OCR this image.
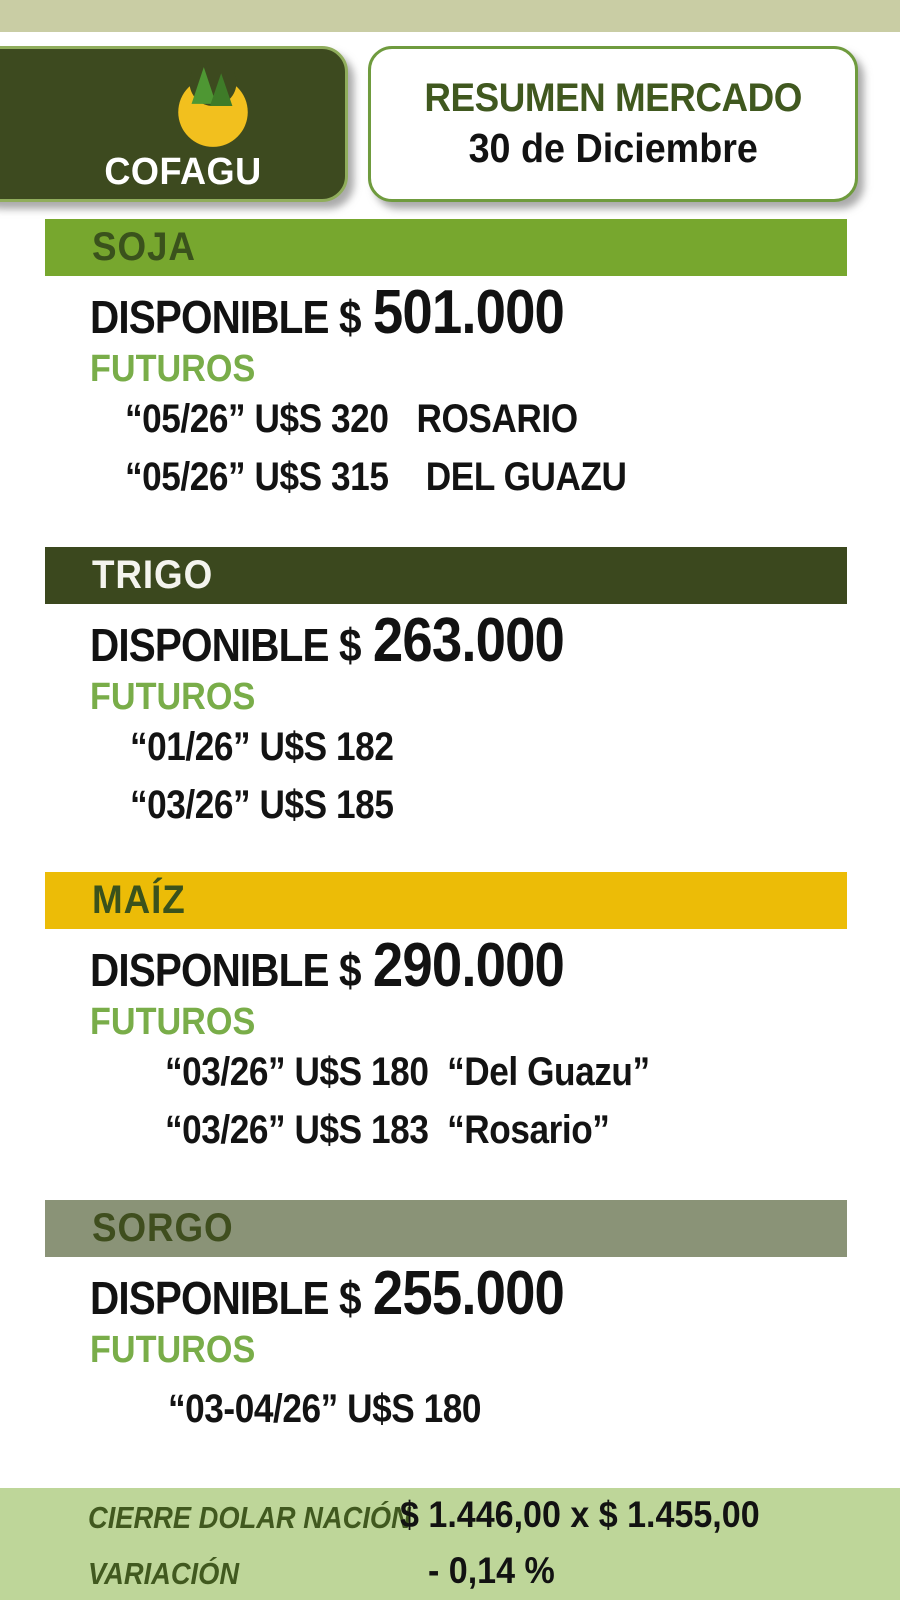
COFAGU
RESUMEN MERCADO
30 de Diciembre
SOJA
DISPONIBLE $ 501.000
FUTUROS
“05/26” U$S 320   ROSARIO
“05/26” U$S 315    DEL GUAZU
TRIGO
DISPONIBLE $ 263.000
FUTUROS
“01/26” U$S 182
“03/26” U$S 185
MAÍZ
DISPONIBLE $ 290.000
FUTUROS
“03/26” U$S 180  “Del Guazu”
“03/26” U$S 183  “Rosario”
SORGO
DISPONIBLE $ 255.000
FUTUROS
“03-04/26” U$S 180
CIERRE DOLAR NACIÓN
$ 1.446,00 x $ 1.455,00
VARIACIÓN	- 0,14 %
